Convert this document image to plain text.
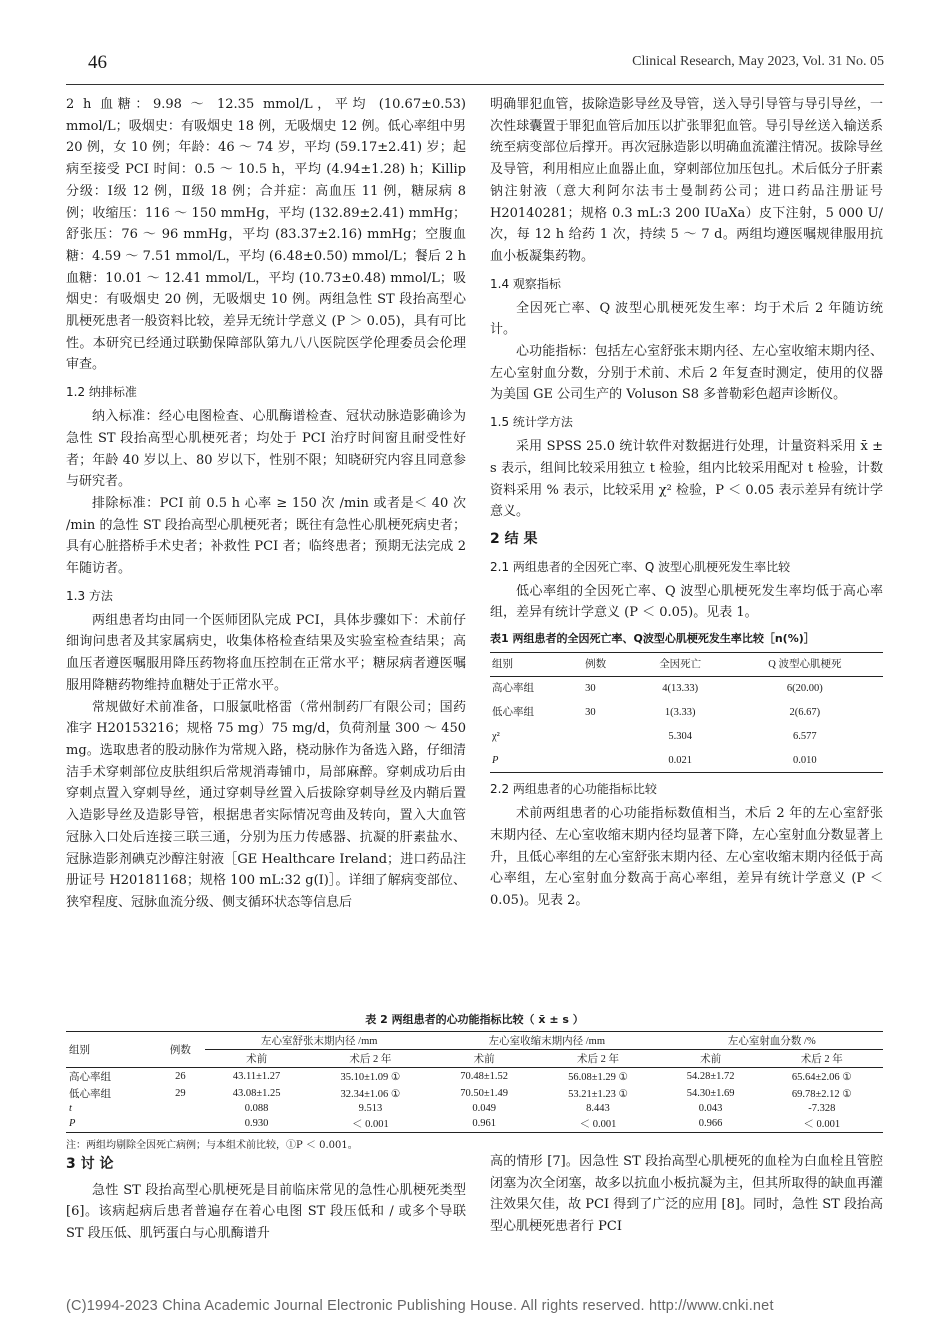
46	Clinical Research, May 2023, Vol. 31 No. 05

2 h 血糖：9.98 ～ 12.35 mmol/L，平均 (10.67±0.53) mmol/L；吸烟史：有吸烟史 18 例，无吸烟史 12 例。低心率组中男 20 例，女 10 例；年龄：46 ～ 74 岁，平均 (59.17±2.41) 岁；起病至接受 PCI 时间：0.5 ～ 10.5 h，平均 (4.94±1.28) h；Killip 分级：Ⅰ级 12 例，Ⅱ级 18 例；合并症：高血压 11 例，糖尿病 8 例；收缩压：116 ～ 150 mmHg，平均 (132.89±2.41) mmHg；舒张压：76 ～ 96 mmHg，平均 (83.37±2.16) mmHg；空腹血糖：4.59 ～ 7.51 mmol/L，平均 (6.48±0.50) mmol/L；餐后 2 h 血糖：10.01 ～ 12.41 mmol/L，平均 (10.73±0.48) mmol/L；吸烟史：有吸烟史 20 例，无吸烟史 10 例。两组急性 ST 段抬高型心肌梗死患者一般资料比较，差异无统计学意义 (P ＞ 0.05)，具有可比性。本研究已经通过联勤保障部队第九八八医院医学伦理委员会伦理审查。

1.2 纳排标准

纳入标准：经心电图检查、心肌酶谱检查、冠状动脉造影确诊为急性 ST 段抬高型心肌梗死者；均处于 PCI 治疗时间窗且耐受性好者；年龄 40 岁以上、80 岁以下，性别不限；知晓研究内容且同意参与研究者。

排除标准：PCI 前 0.5 h 心率 ≥ 150 次 /min 或者是＜ 40 次 /min 的急性 ST 段抬高型心肌梗死者；既往有急性心肌梗死病史者；具有心脏搭桥手术史者；补救性 PCI 者；临终患者；预期无法完成 2 年随访者。

1.3 方法

两组患者均由同一个医师团队完成 PCI，具体步骤如下：术前仔细询问患者及其家属病史，收集体格检查结果及实验室检查结果；高血压者遵医嘱服用降压药物将血压控制在正常水平；糖尿病者遵医嘱服用降糖药物维持血糖处于正常水平。

常规做好术前准备，口服氯吡格雷（常州制药厂有限公司；国药准字 H20153216；规格 75 mg）75 mg/d，负荷剂量 300 ～ 450 mg。选取患者的股动脉作为常规入路，桡动脉作为备选入路，仔细清洁手术穿刺部位皮肤组织后常规消毒铺巾，局部麻醉。穿刺成功后由穿刺点置入穿刺导丝，通过穿刺导丝置入后拔除穿刺导丝及内鞘后置入造影导丝及造影导管，根据患者实际情况弯曲及转向，置入大血管冠脉入口处后连接三联三通，分别为压力传感器、抗凝的肝素盐水、冠脉造影剂碘克沙醇注射液［GE Healthcare Ireland；进口药品注册证号 H20181168；规格 100 mL:32 g(I)］。详细了解病变部位、狭窄程度、冠脉血流分级、侧支循环状态等信息后

明确罪犯血管，拔除造影导丝及导管，送入导引导管与导引导丝，一次性球囊置于罪犯血管后加压以扩张罪犯血管。导引导丝送入输送系统至病变部位后撑开。再次冠脉造影以明确血流灌注情况。拔除导丝及导管，利用相应止血器止血，穿刺部位加压包扎。术后低分子肝素钠注射液（意大利阿尔法韦士曼制药公司；进口药品注册证号 H20140281；规格 0.3 mL:3 200 IUaXa）皮下注射，5 000 U/ 次，每 12 h 给药 1 次，持续 5 ～ 7 d。两组均遵医嘱规律服用抗血小板凝集药物。

1.4 观察指标

全因死亡率、Q 波型心肌梗死发生率：均于术后 2 年随访统计。

心功能指标：包括左心室舒张末期内径、左心室收缩末期内径、左心室射血分数，分别于术前、术后 2 年复查时测定，使用的仪器为美国 GE 公司生产的 Voluson S8 多普勒彩色超声诊断仪。

1.5 统计学方法

采用 SPSS 25.0 统计软件对数据进行处理，计量资料采用 x̄ ± s 表示，组间比较采用独立 t 检验，组内比较采用配对 t 检验，计数资料采用 % 表示，比较采用 χ² 检验，P ＜ 0.05 表示差异有统计学意义。

2 结 果
2.1 两组患者的全因死亡率、Q 波型心肌梗死发生率比较

低心率组的全因死亡率、Q 波型心肌梗死发生率均低于高心率组，差异有统计学意义 (P ＜ 0.05)。见表 1。

表1 两组患者的全因死亡率、Q波型心肌梗死发生率比较［n(%)］
组别	例数	全因死亡	Q 波型心肌梗死
高心率组	30	4(13.33)	6(20.00)
低心率组	30	1(3.33)	2(6.67)
χ²		5.304	6.577
P		0.021	0.010
2.2 两组患者的心功能指标比较

术前两组患者的心功能指标数值相当，术后 2 年的左心室舒张末期内径、左心室收缩末期内径均显著下降，左心室射血分数显著上升，且低心率组的左心室舒张末期内径、左心室收缩末期内径低于高心率组，左心室射血分数高于高心率组，差异有统计学意义 (P ＜ 0.05)。见表 2。

表 2 两组患者的心功能指标比较（ x̄ ± s ）
组别	例数	左心室舒张末期内径 /mm		左心室收缩末期内径 /mm		左心室射血分数 /%	
		术前	术后 2 年	术前	术后 2 年	术前	术后 2 年
高心率组	26	43.11±1.27	35.10±1.09 ①	70.48±1.52	56.08±1.29 ①	54.28±1.72	65.64±2.06 ①
低心率组	29	43.08±1.25	32.34±1.06 ①	70.50±1.49	53.21±1.23 ①	54.30±1.69	69.78±2.12 ①
t		0.088	9.513	0.049	8.443	0.043	-7.328
P		0.930	＜ 0.001	0.961	＜ 0.001	0.966	＜ 0.001
注：两组均剔除全因死亡病例；与本组术前比较，①P ＜ 0.001。
3 讨 论

急性 ST 段抬高型心肌梗死是目前临床常见的急性心肌梗死类型 [6]。该病起病后患者普遍存在着心电图 ST 段压低和 / 或多个导联 ST 段压低、肌钙蛋白与心肌酶谱升

高的情形 [7]。因急性 ST 段抬高型心肌梗死的血栓为白血栓且管腔闭塞为次全闭塞，故多以抗血小板抗凝为主，但其所取得的缺血再灌注效果欠佳，故 PCI 得到了广泛的应用 [8]。同时，急性 ST 段抬高型心肌梗死患者行 PCI

(C)1994-2023 China Academic Journal Electronic Publishing House. All rights reserved. http://www.cnki.net
